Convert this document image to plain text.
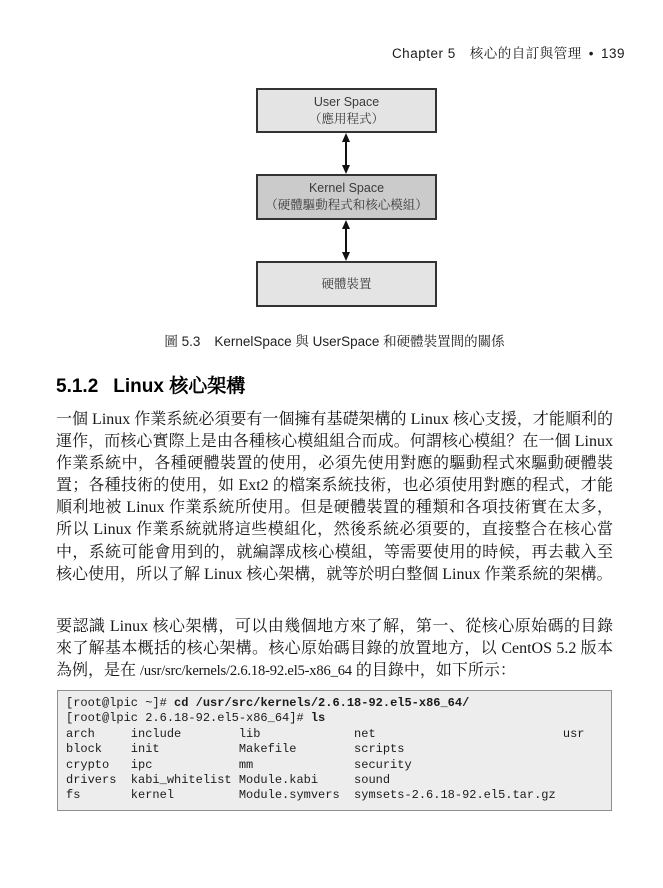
Chapter 5 核心的自訂與管理 • 139
User Space
（應用程式）
Kernel Space
（硬體驅動程式和核心模組）
硬體裝置
圖 5.3 KernelSpace 與 UserSpace 和硬體裝置間的關係
5.1.2 Linux 核心架構

一個 Linux 作業系統必須要有一個擁有基礎架構的 Linux 核心支援，才能順利的運作，而核心實際上是由各種核心模組組合而成。何謂核心模組？在一個 Linux 作業系統中，各種硬體裝置的使用，必須先使用對應的驅動程式來驅動硬體裝置；各種技術的使用，如 Ext2 的檔案系統技術，也必須使用對應的程式，才能順利地被 Linux 作業系統所使用。但是硬體裝置的種類和各項技術實在太多，所以 Linux 作業系統就將這些模組化，然後系統必須要的，直接整合在核心當中，系統可能會用到的，就編譯成核心模組，等需要使用的時候，再去載入至核心使用，所以了解 Linux 核心架構，就等於明白整個 Linux 作業系統的架構。

要認識 Linux 核心架構，可以由幾個地方來了解，第一、從核心原始碼的目錄來了解基本概括的核心架構。核心原始碼目錄的放置地方，以 CentOS 5.2 版本為例，是在 /usr/src/kernels/2.6.18-92.el5-x86_64 的目錄中，如下所示：

[root@lpic ~]# cd /usr/src/kernels/2.6.18-92.el5-x86_64/
[root@lpic 2.6.18-92.el5-x86_64]# ls
arch     include        lib             net                          usr
block    init           Makefile        scripts
crypto   ipc            mm              security
drivers  kabi_whitelist Module.kabi     sound
fs       kernel         Module.symvers  symsets-2.6.18-92.el5.tar.gz
